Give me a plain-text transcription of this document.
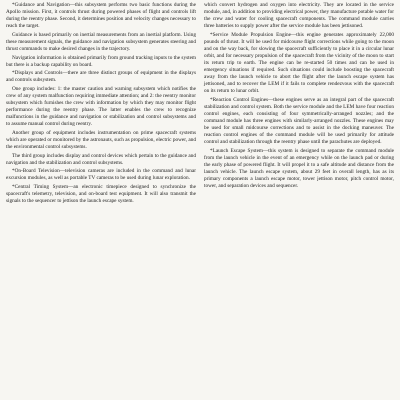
*Guidance and Navigation—this subsystem performs two basic functions during the Apollo mission. First, it controls thrust during powered phases of flight and controls lift during the reentry phase. Second, it determines position and velocity changes necessary to reach the target.

Guidance is based primarily on inertial measurements from an inertial platform. Using these measurement signals, the guidance and navigation subsystem generates steering and thrust commands to make desired changes in the trajectory.

Navigation information is obtained primarily from ground tracking inputs to the system but there is a backup capability on board.

*Displays and Controls—there are three distinct groups of equipment in the displays and controls subsystem.

One group includes: 1: the master caution and warning subsystem which notifies the crew of any system malfunction requiring immediate attention; and 2: the reentry monitor subsystem which furnishes the crew with information by which they may monitor flight performance during the reentry phase. The latter enables the crew to recognize malfunctions in the guidance and navigation or stabilization and control subsystems and to assume manual control during reentry.

Another group of equipment includes instrumentation on prime spacecraft systems which are operated or monitored by the astronauts, such as propulsion, electric power, and the environmental control subsystems.

The third group includes display and control devices which pertain to the guidance and navigation and the stabilization and control subsystems.

*On-Board Television—television cameras are included in the command and lunar excursion modules, as well as portable TV cameras to be used during lunar exploration.

*Central Timing System—an electronic timepiece designed to synchronize the spacecraft's telemetry, television, and on-board test equipment. It will also transmit the signals to the sequencer to jettison the launch escape system.

which convert hydrogen and oxygen into electricity. They are located in the service module, and, in addition to providing electrical power, they manufacture potable water for the crew and water for cooling spacecraft components. The command module carries three batteries to supply power after the service module has been jettisoned.

*Service Module Propulsion Engine—this engine generates approximately 22,000 pounds of thrust. It will be used for midcourse flight corrections while going to the moon and on the way back, for slowing the spacecraft sufficiently to place it in a circular lunar orbit, and for necessary propulsion of the spacecraft from the vicinity of the moon to start its return trip to earth. The engine can be re-started 50 times and can be used in emergency situations if required. Such situations could include boosting the spacecraft away from the launch vehicle to abort the flight after the launch escape system has jettisoned, and to recover the LEM if it fails to complete rendezvous with the spacecraft on its return to lunar orbit.

*Reaction Control Engines—these engines serve as an integral part of the spacecraft stabilization and control system. Both the service module and the LEM have four reaction control engines, each consisting of four symmetrically-arranged nozzles; and the command module has three engines with similarly-arranged nozzles. These engines may be used for small midcourse corrections and to assist in the docking maneuver. The reaction control engines of the command module will be used primarily for attitude control and stabilization through the reentry phase until the parachutes are deployed.

*Launch Escape System—this system is designed to separate the command module from the launch vehicle in the event of an emergency while on the launch pad or during the early phase of powered flight. It will propel it to a safe altitude and distance from the launch vehicle. The launch escape system, about 29 feet in overall length, has as its primary components a launch escape motor, tower jettison motor, pitch control motor, tower, and separation devices and sequencer.
